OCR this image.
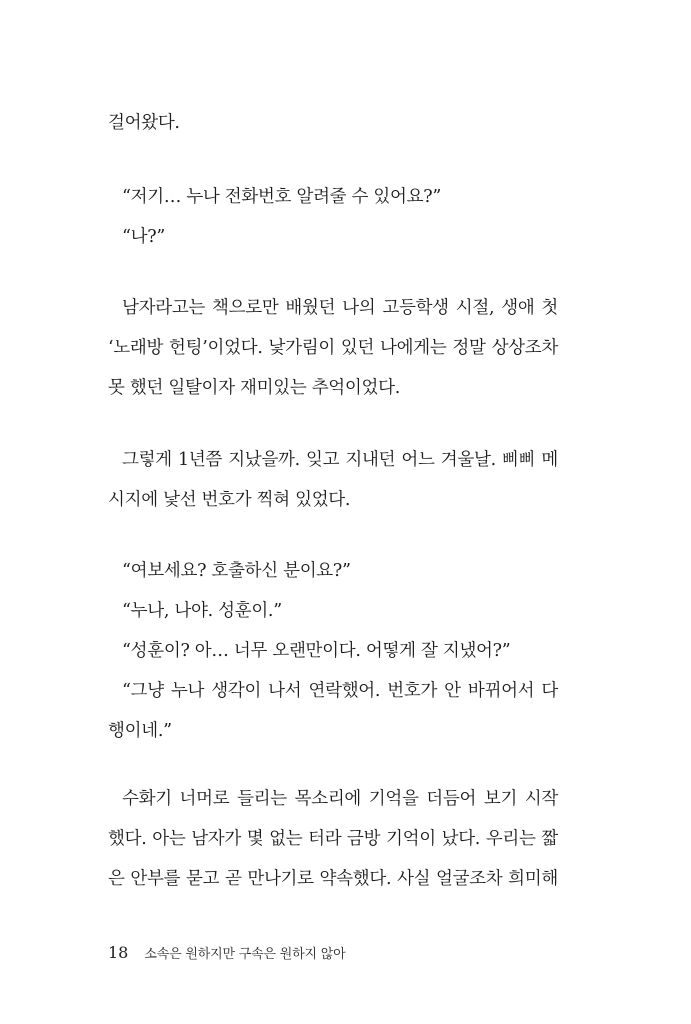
걸어왔다.
“저기… 누나 전화번호 알려줄 수 있어요?”
“나?”
남자라고는 책으로만 배웠던 나의 고등학생 시절, 생애 첫
‘노래방 헌팅’이었다. 낯가림이 있던 나에게는 정말 상상조차
못 했던 일탈이자 재미있는 추억이었다.
그렇게 1년쯤 지났을까. 잊고 지내던 어느 겨울날. 삐삐 메
시지에 낯선 번호가 찍혀 있었다.
“여보세요? 호출하신 분이요?”
“누나, 나야. 성훈이.”
“성훈이? 아… 너무 오랜만이다. 어떻게 잘 지냈어?”
“그냥 누나 생각이 나서 연락했어. 번호가 안 바뀌어서 다
행이네.”
수화기 너머로 들리는 목소리에 기억을 더듬어 보기 시작
했다. 아는 남자가 몇 없는 터라 금방 기억이 났다. 우리는 짧
은 안부를 묻고 곧 만나기로 약속했다. 사실 얼굴조차 희미해
18 소속은 원하지만 구속은 원하지 않아
